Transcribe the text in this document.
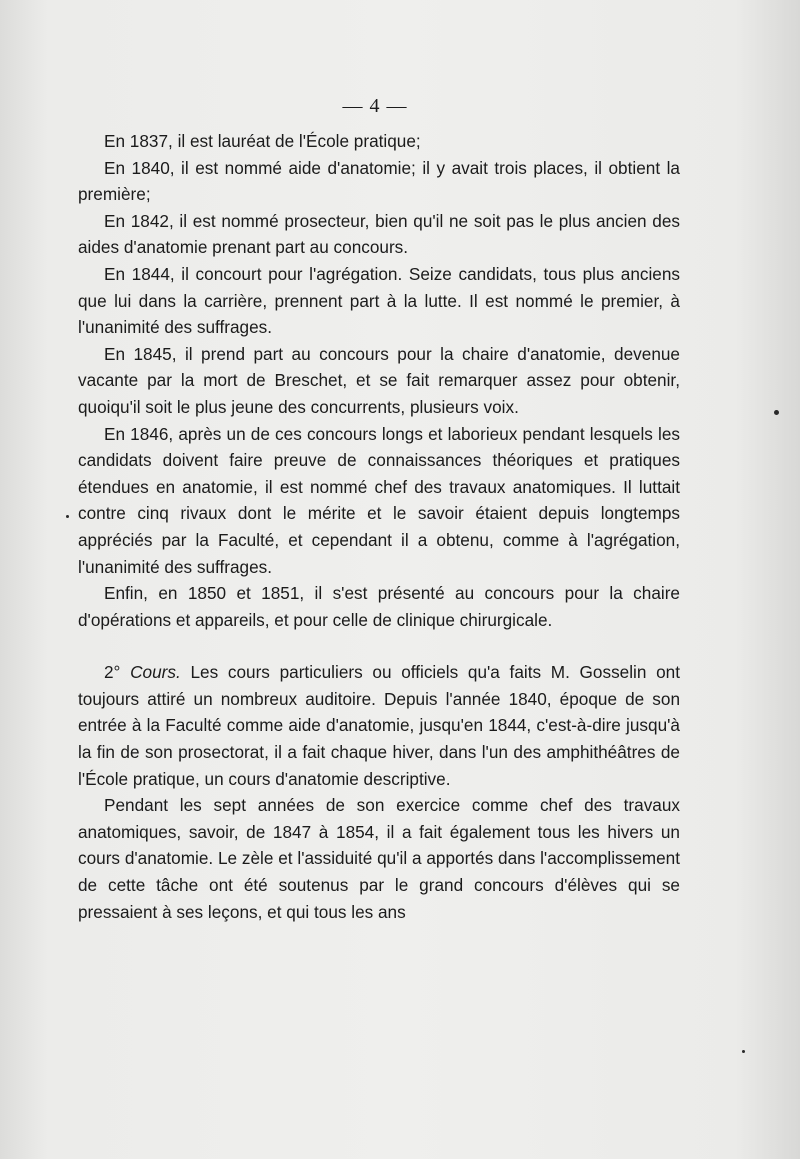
— 4 —

En 1837, il est lauréat de l'École pratique;

En 1840, il est nommé aide d'anatomie; il y avait trois places, il obtient la première;

En 1842, il est nommé prosecteur, bien qu'il ne soit pas le plus ancien des aides d'anatomie prenant part au concours.

En 1844, il concourt pour l'agrégation. Seize candidats, tous plus anciens que lui dans la carrière, prennent part à la lutte. Il est nommé le premier, à l'unanimité des suffrages.

En 1845, il prend part au concours pour la chaire d'anatomie, devenue vacante par la mort de Breschet, et se fait remarquer assez pour obtenir, quoiqu'il soit le plus jeune des concurrents, plusieurs voix.

En 1846, après un de ces concours longs et laborieux pendant lesquels les candidats doivent faire preuve de connaissances théoriques et pratiques étendues en anatomie, il est nommé chef des travaux anatomiques. Il luttait contre cinq rivaux dont le mérite et le savoir étaient depuis longtemps appréciés par la Faculté, et cependant il a obtenu, comme à l'agrégation, l'unanimité des suffrages.

Enfin, en 1850 et 1851, il s'est présenté au concours pour la chaire d'opérations et appareils, et pour celle de clinique chirurgicale.

2° Cours. Les cours particuliers ou officiels qu'a faits M. Gosselin ont toujours attiré un nombreux auditoire. Depuis l'année 1840, époque de son entrée à la Faculté comme aide d'anatomie, jusqu'en 1844, c'est-à-dire jusqu'à la fin de son prosectorat, il a fait chaque hiver, dans l'un des amphithéâtres de l'École pratique, un cours d'anatomie descriptive.

Pendant les sept années de son exercice comme chef des travaux anatomiques, savoir, de 1847 à 1854, il a fait également tous les hivers un cours d'anatomie. Le zèle et l'assiduité qu'il a apportés dans l'accomplissement de cette tâche ont été soutenus par le grand concours d'élèves qui se pressaient à ses leçons, et qui tous les ans
